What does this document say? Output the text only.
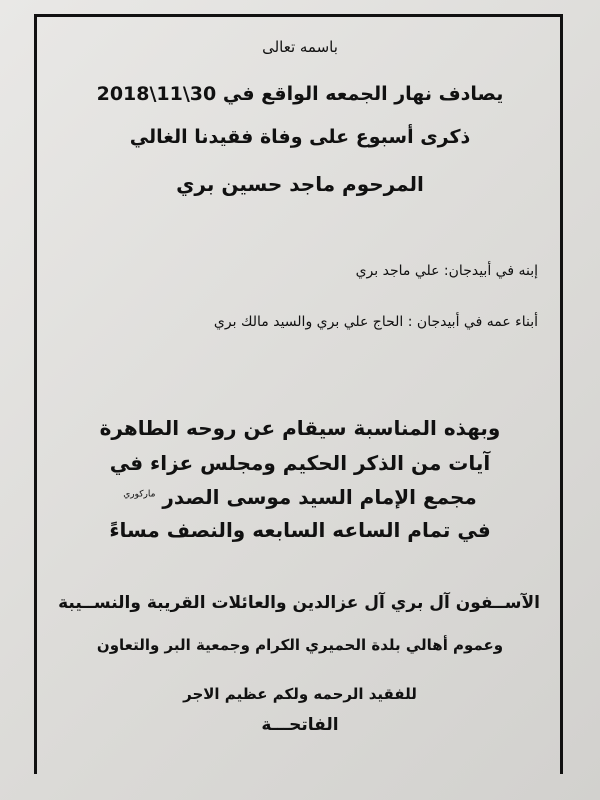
باسمه تعالى
يصادف نهار الجمعه الواقع في 2018\11\30
ذكرى أسبوع على وفاة فقيدنا الغالي
المرحوم ماجد حسين بري
إبنه في أبيدجان: علي ماجد بري
أبناء عمه في أبيدجان : الحاج علي بري والسيد مالك بري
وبهذه المناسبة سيقام عن روحه الطاهرة
آيات من الذكر الحكيم ومجلس عزاء في
مجمع الإمام السيد موسى الصدر $^{ماركوري}$
في تمام الساعه السابعه والنصف مساءً
الآســفون آل بري آل عزالدين والعائلات القريبة والنســيبة
وعموم أهالي بلدة الحميري الكرام وجمعية البر والتعاون
للفقيد الرحمه ولكم عظيم الاجر
الفاتحـــة
